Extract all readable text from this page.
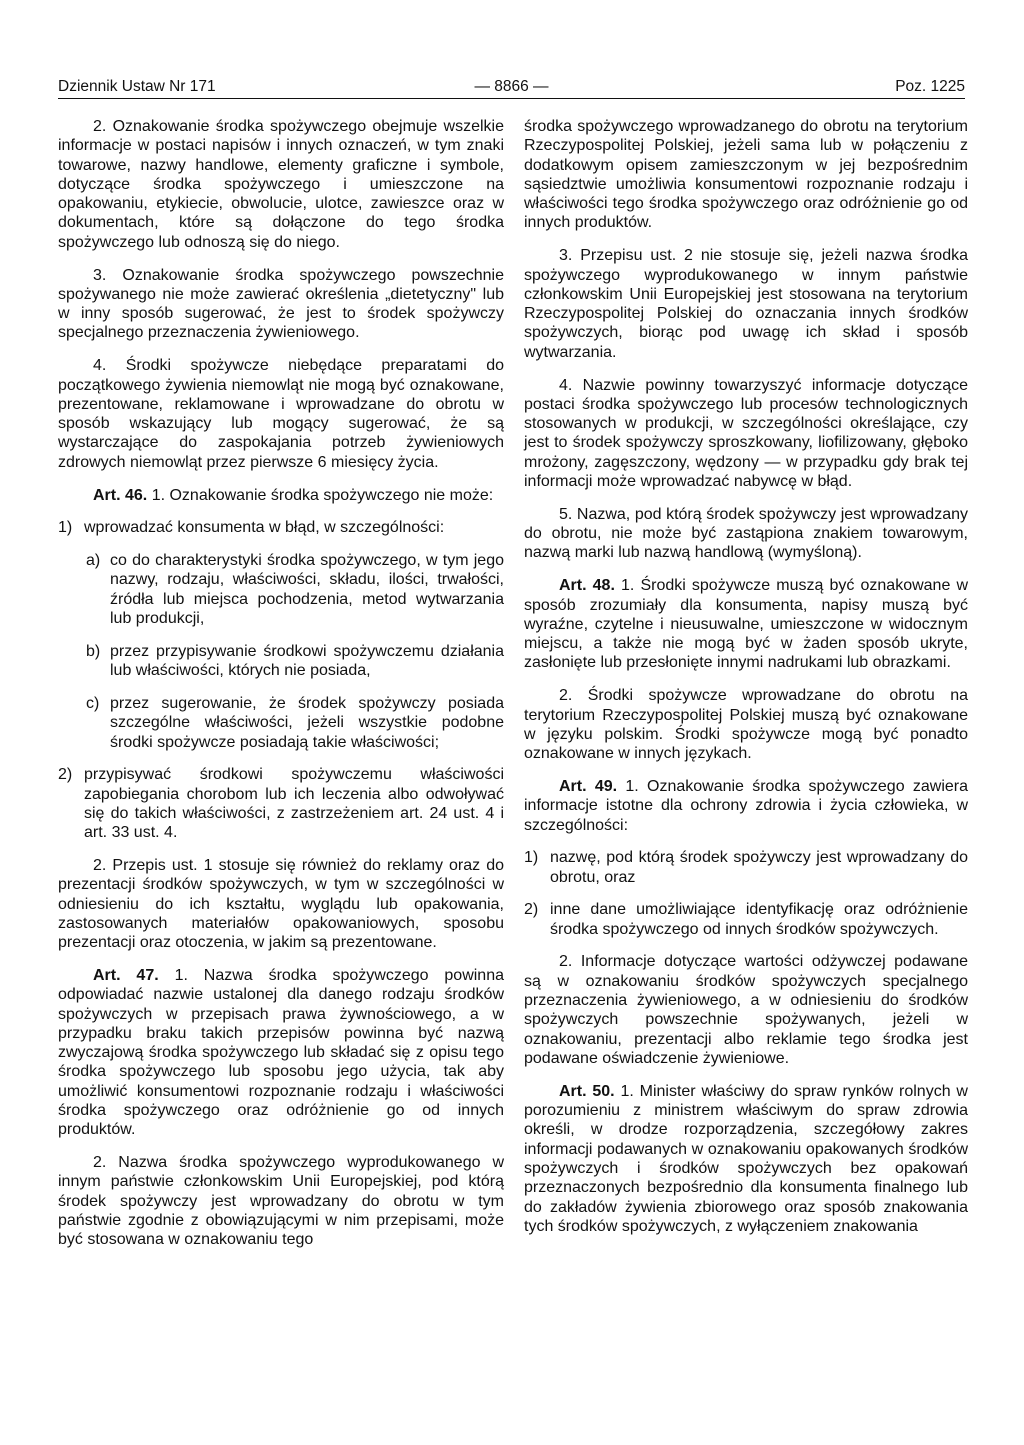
Dziennik Ustaw Nr 171	— 8866 —	Poz. 1225

2. Oznakowanie środka spożywczego obejmuje wszelkie informacje w postaci napisów i innych oznaczeń, w tym znaki towarowe, nazwy handlowe, elementy graficzne i symbole, dotyczące środka spożywczego i umieszczone na opakowaniu, etykiecie, obwolucie, ulotce, zawieszce oraz w dokumentach, które są dołączone do tego środka spożywczego lub odnoszą się do niego.

3. Oznakowanie środka spożywczego powszechnie spożywanego nie może zawierać określenia „dietetyczny" lub w inny sposób sugerować, że jest to środek spożywczy specjalnego przeznaczenia żywieniowego.

4. Środki spożywcze niebędące preparatami do początkowego żywienia niemowląt nie mogą być oznakowane, prezentowane, reklamowane i wprowadzane do obrotu w sposób wskazujący lub mogący sugerować, że są wystarczające do zaspokajania potrzeb żywieniowych zdrowych niemowląt przez pierwsze 6 miesięcy życia.

Art. 46. 1. Oznakowanie środka spożywczego nie może:

1) wprowadzać konsumenta w błąd, w szczególności:
a) co do charakterystyki środka spożywczego, w tym jego nazwy, rodzaju, właściwości, składu, ilości, trwałości, źródła lub miejsca pochodzenia, metod wytwarzania lub produkcji,
b) przez przypisywanie środkowi spożywczemu działania lub właściwości, których nie posiada,
c) przez sugerowanie, że środek spożywczy posiada szczególne właściwości, jeżeli wszystkie podobne środki spożywcze posiadają takie właściwości;
2) przypisywać środkowi spożywczemu właściwości zapobiegania chorobom lub ich leczenia albo odwoływać się do takich właściwości, z zastrzeżeniem art. 24 ust. 4 i art. 33 ust. 4.

2. Przepis ust. 1 stosuje się również do reklamy oraz do prezentacji środków spożywczych, w tym w szczególności w odniesieniu do ich kształtu, wyglądu lub opakowania, zastosowanych materiałów opakowaniowych, sposobu prezentacji oraz otoczenia, w jakim są prezentowane.

Art. 47. 1. Nazwa środka spożywczego powinna odpowiadać nazwie ustalonej dla danego rodzaju środków spożywczych w przepisach prawa żywnościowego, a w przypadku braku takich przepisów powinna być nazwą zwyczajową środka spożywczego lub składać się z opisu tego środka spożywczego lub sposobu jego użycia, tak aby umożliwić konsumentowi rozpoznanie rodzaju i właściwości środka spożywczego oraz odróżnienie go od innych produktów.

2. Nazwa środka spożywczego wyprodukowanego w innym państwie członkowskim Unii Europejskiej, pod którą środek spożywczy jest wprowadzany do obrotu w tym państwie zgodnie z obowiązującymi w nim przepisami, może być stosowana w oznakowaniu tego

środka spożywczego wprowadzanego do obrotu na terytorium Rzeczypospolitej Polskiej, jeżeli sama lub w połączeniu z dodatkowym opisem zamieszczonym w jej bezpośrednim sąsiedztwie umożliwia konsumentowi rozpoznanie rodzaju i właściwości tego środka spożywczego oraz odróżnienie go od innych produktów.

3. Przepisu ust. 2 nie stosuje się, jeżeli nazwa środka spożywczego wyprodukowanego w innym państwie członkowskim Unii Europejskiej jest stosowana na terytorium Rzeczypospolitej Polskiej do oznaczania innych środków spożywczych, biorąc pod uwagę ich skład i sposób wytwarzania.

4. Nazwie powinny towarzyszyć informacje dotyczące postaci środka spożywczego lub procesów technologicznych stosowanych w produkcji, w szczególności określające, czy jest to środek spożywczy sproszkowany, liofilizowany, głęboko mrożony, zagęszczony, wędzony — w przypadku gdy brak tej informacji może wprowadzać nabywcę w błąd.

5. Nazwa, pod którą środek spożywczy jest wprowadzany do obrotu, nie może być zastąpiona znakiem towarowym, nazwą marki lub nazwą handlową (wymyśloną).

Art. 48. 1. Środki spożywcze muszą być oznakowane w sposób zrozumiały dla konsumenta, napisy muszą być wyraźne, czytelne i nieusuwalne, umieszczone w widocznym miejscu, a także nie mogą być w żaden sposób ukryte, zasłonięte lub przesłonięte innymi nadrukami lub obrazkami.

2. Środki spożywcze wprowadzane do obrotu na terytorium Rzeczypospolitej Polskiej muszą być oznakowane w języku polskim. Środki spożywcze mogą być ponadto oznakowane w innych językach.

Art. 49. 1. Oznakowanie środka spożywczego zawiera informacje istotne dla ochrony zdrowia i życia człowieka, w szczególności:

1) nazwę, pod którą środek spożywczy jest wprowadzany do obrotu, oraz
2) inne dane umożliwiające identyfikację oraz odróżnienie środka spożywczego od innych środków spożywczych.

2. Informacje dotyczące wartości odżywczej podawane są w oznakowaniu środków spożywczych specjalnego przeznaczenia żywieniowego, a w odniesieniu do środków spożywczych powszechnie spożywanych, jeżeli w oznakowaniu, prezentacji albo reklamie tego środka jest podawane oświadczenie żywieniowe.

Art. 50. 1. Minister właściwy do spraw rynków rolnych w porozumieniu z ministrem właściwym do spraw zdrowia określi, w drodze rozporządzenia, szczegółowy zakres informacji podawanych w oznakowaniu opakowanych środków spożywczych i środków spożywczych bez opakowań przeznaczonych bezpośrednio dla konsumenta finalnego lub do zakładów żywienia zbiorowego oraz sposób znakowania tych środków spożywczych, z wyłączeniem znakowania
